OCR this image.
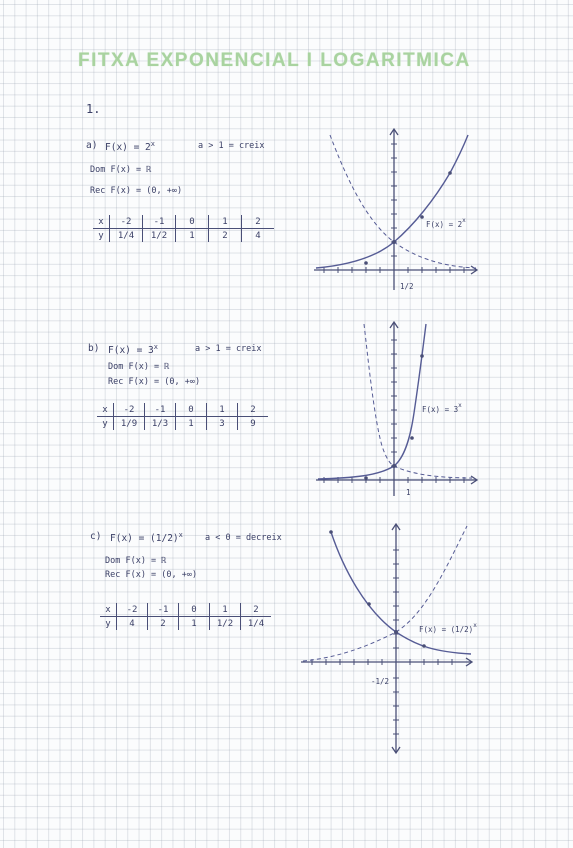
FITXA EXPONENCIAL I LOGARITMICA
1.
a) $F(x) = 2^x$	a > 1 = creix
Dom F(x) = ℝ
Rec F(x) = (0, +∞)
x	-2	-1	0	1	2
y	1/4	1/2	1	2	4
$F(x) = 2^x$
1/2
b) $F(x) = 3^x$	a > 1 = creix
Dom F(x) = ℝ
Rec F(x) = (0, +∞)
x	-2	-1	0	1	2
y	1/9	1/3	1	3	9
$F(x) = 3^x$
1
c) $F(x) = (1/2)^x$	a < 0 = decreix
Dom F(x) = ℝ
Rec F(x) = (0, +∞)
x	-2	-1	0	1	2
y	4	2	1	1/2	1/4
$F(x) = (1/2)^x$
-1/2
